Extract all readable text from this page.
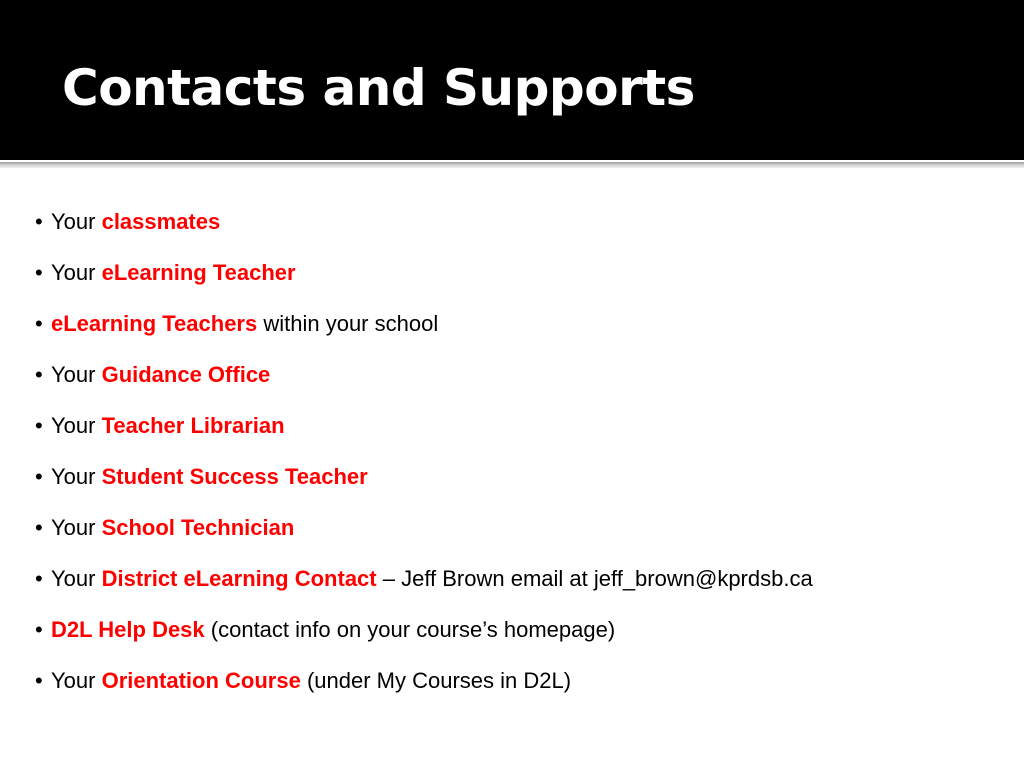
Contacts and Supports
• Your classmates
• Your eLearning Teacher
• eLearning Teachers within your school
• Your Guidance Office
• Your Teacher Librarian
• Your Student Success Teacher
• Your School Technician
• Your District eLearning Contact – Jeff Brown email at jeff_brown@kprdsb.ca
• D2L Help Desk (contact info on your course’s homepage)
• Your Orientation Course (under My Courses in D2L)
